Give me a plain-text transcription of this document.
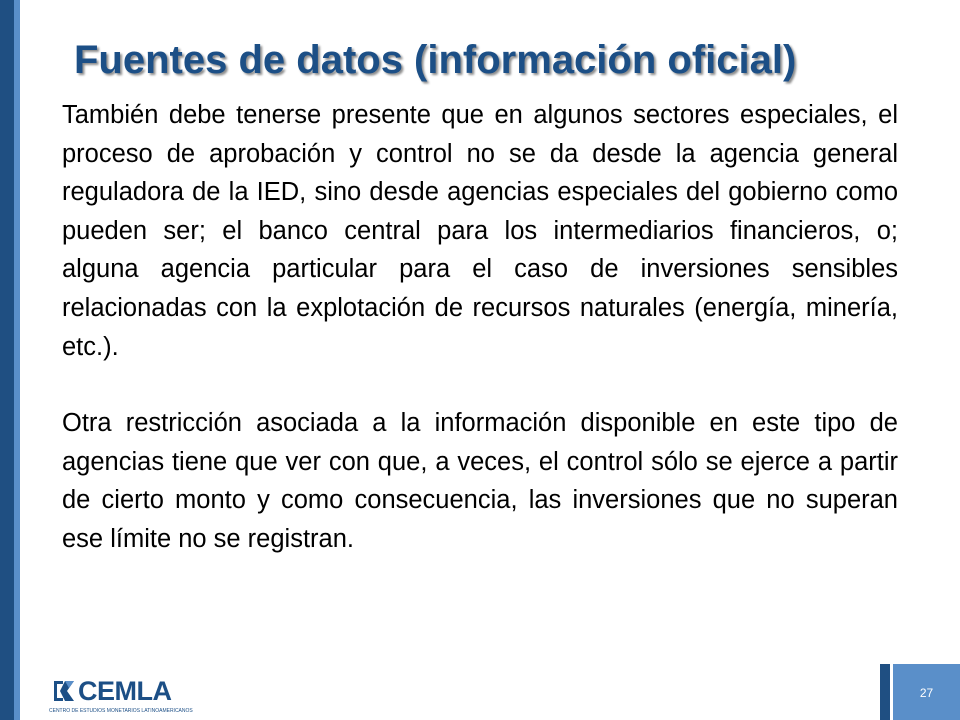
Fuentes de datos (información oficial)

También debe tenerse presente que en algunos sectores especiales, el proceso de aprobación y control no se da desde la agencia general reguladora de la IED, sino desde agencias especiales del gobierno como pueden ser; el banco central para los intermediarios financieros, o; alguna agencia particular para el caso de inversiones sensibles relacionadas con la explotación de recursos naturales (energía, minería, etc.).

Otra restricción asociada a la información disponible en este tipo de agencias tiene que ver con que, a veces, el control sólo se ejerce a partir de cierto monto y como consecuencia, las inversiones que no superan ese límite no se registran.

CEMLA
CENTRO DE ESTUDIOS MONETARIOS LATINOAMERICANOS
27
